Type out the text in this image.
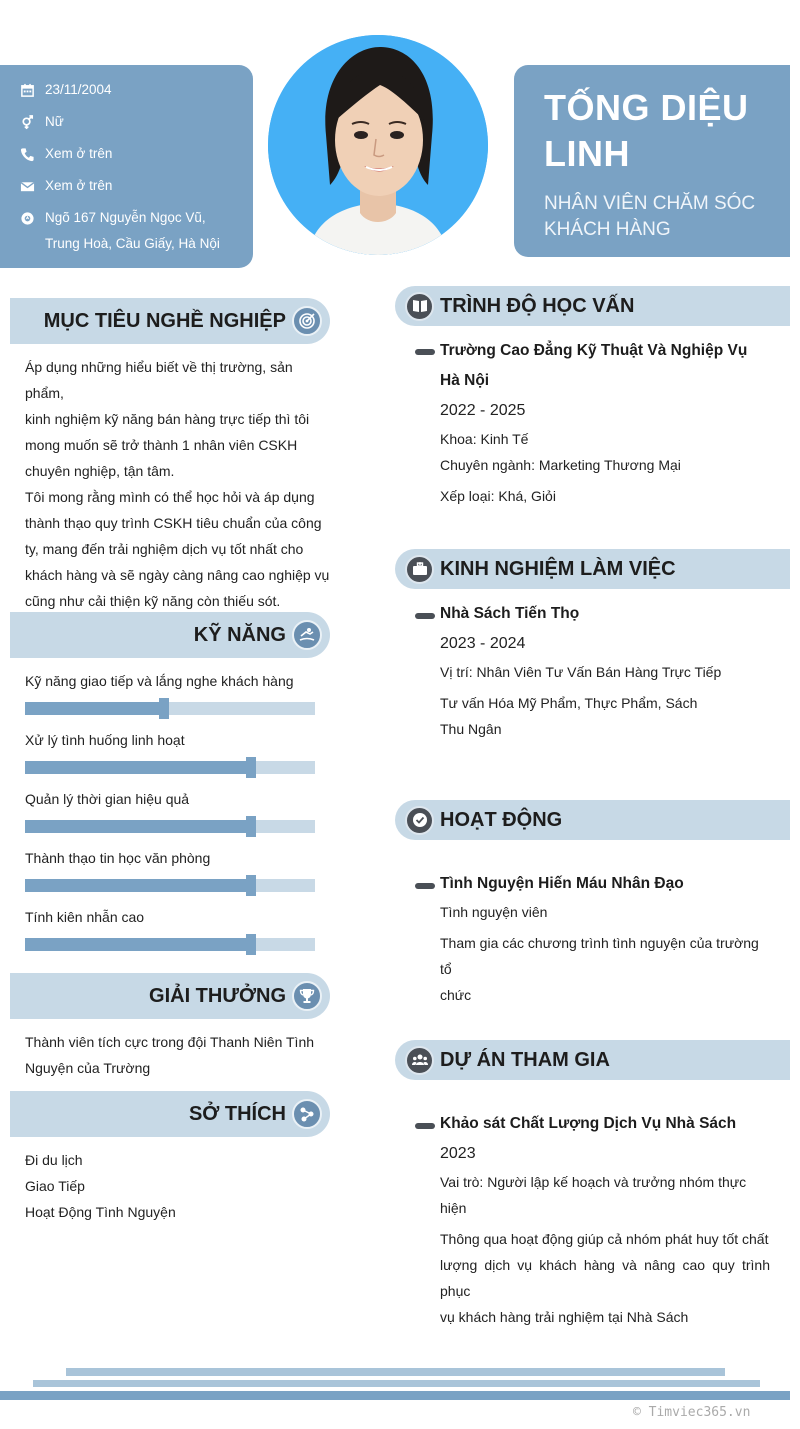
23/11/2004
Nữ
Xem ở trên
Xem ở trên
Ngõ 167 Nguyễn Ngọc Vũ,
Trung Hoà, Cầu Giấy, Hà Nội
TỐNG DIỆU
LINH
NHÂN VIÊN CHĂM SÓC
KHÁCH HÀNG
MỤC TIÊU NGHỀ NGHIỆP
Áp dụng những hiểu biết về thị trường, sản phẩm,
kinh nghiệm kỹ năng bán hàng trực tiếp thì tôi
mong muốn sẽ trở thành 1 nhân viên CSKH
chuyên nghiệp, tận tâm.
Tôi mong rằng mình có thể học hỏi và áp dụng
thành thạo quy trình CSKH tiêu chuẩn của công
ty, mang đến trải nghiệm dịch vụ tốt nhất cho
khách hàng và sẽ ngày càng nâng cao nghiệp vụ
cũng như cải thiện kỹ năng còn thiếu sót.
KỸ NĂNG
Kỹ năng giao tiếp và lắng nghe khách hàng
Xử lý tình huống linh hoạt
Quản lý thời gian hiệu quả
Thành thạo tin học văn phòng
Tính kiên nhẫn cao
GIẢI THƯỞNG
Thành viên tích cực trong đội Thanh Niên Tình
Nguyện của Trường
SỞ THÍCH
Đi du lịch
Giao Tiếp
Hoạt Động Tình Nguyện
TRÌNH ĐỘ HỌC VẤN
Trường Cao Đẳng Kỹ Thuật Và Nghiệp Vụ
Hà Nội
2022 - 2025
Khoa: Kinh Tế
Chuyên ngành: Marketing Thương Mại
Xếp loại: Khá, Giỏi
KINH NGHIỆM LÀM VIỆC
Nhà Sách Tiến Thọ
2023 - 2024
Vị trí: Nhân Viên Tư Vấn Bán Hàng Trực Tiếp
Tư vấn Hóa Mỹ Phẩm, Thực Phẩm, Sách
Thu Ngân
HOẠT ĐỘNG
Tình Nguyện Hiến Máu Nhân Đạo
Tình nguyện viên
Tham gia các chương trình tình nguyện của trường tổ
chức
DỰ ÁN THAM GIA
Khảo sát Chất Lượng Dịch Vụ Nhà Sách
2023
Vai trò: Người lập kế hoạch và trưởng nhóm thực
hiện
Thông qua hoạt động giúp cả nhóm phát huy tốt chất
lượng dịch vụ khách hàng và nâng cao quy trình phục
vụ khách hàng trải nghiệm tại Nhà Sách
© Timviec365.vn
